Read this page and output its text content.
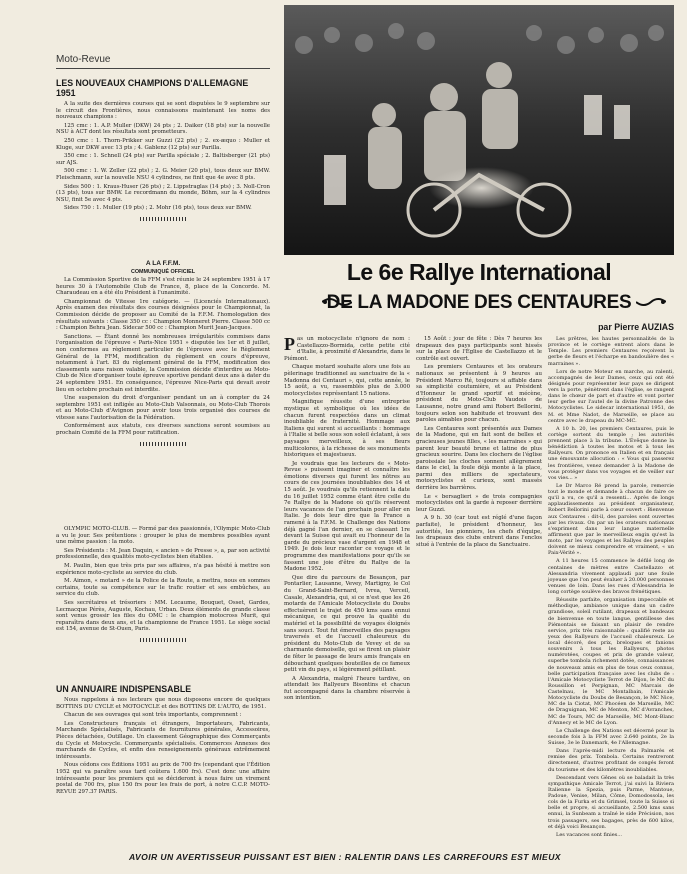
Moto-Revue
LES NOUVEAUX CHAMPIONS D'ALLEMAGNE 1951

A la suite des dernières courses qui se sont disputées le 9 septembre sur le circuit des Frontières, nous connaissons maintenant les noms des nouveaux champions :

125 cmc : 1. A.P. Muller (DKW) 24 pts ; 2. Daiker (18 pts) sur la nouvelle NSU à ACT dont les résultats sont prometteurs.

250 cmc : 1. Thorn-Prikker sur Guzzi (22 pts) ; 2. ex-æquo : Muller et Kluge, sur DKW avec 13 pts ; 4. Gablenz (12 pts) sur Parilla.

350 cmc : 1. Schnell (24 pts) sur Parilla spéciale ; 2. Baltisberger (21 pts) sur AJS.

500 cmc : 1. W. Zeller (22 pts) ; 2. G. Meier (20 pts), tous deux sur BMW. Fleischmann, sur la nouvelle NSU 4 cylindres, ne finit que 4e avec 8 pts.

Sides 500 : 1. Kraus-Huser (26 pts) ; 2. Lippstraglas (14 pts) ; 3. Noll-Cron (13 pts), tous sur BMW. Le recordmann du monde, Böhm, sur la 4 cylindres NSU, finit 5e avec 4 pts.

Sides 750 : 1. Muller (19 pts) ; 2. Mohr (16 pts), tous deux sur BMW.

A LA F.F.M.
COMMUNIQUÉ OFFICIEL

La Commission Sportive de la FFM s'est réunie le 24 septembre 1951 à 17 heures 30 à l'Automobile Club de France, 8, place de la Concorde. M. Charaudeau en a été élu Président à l'unanimité.

Championnat de Vitesse 1re catégorie. — (Licenciés Internationaux). Après examen des résultats des courses désignées pour le Championnat, la Commission décide de proposer au Comité de la F.F.M. l'homologation des résultats suivants : Classe 350 cc : Champion Monneret Pierre. Classe 500 cc : Champion Behra Jean. Sidecar 500 cc : Champion Murit Jean-Jacques.

Sanctions. — Étant donné les nombreuses irrégularités commises dans l'organisation de l'épreuve « Paris-Nice 1951 » disputée les 1er et 8 juillet, non conformes au règlement particulier de l'épreuve avec le Règlement Général de la FFM, modification du règlement en cours d'épreuve, notamment à l'art. 83 du règlement général de la FFM, modification des classements sans raison valable, la Commission décide d'interdire au Moto-Club de Nice d'organiser toute épreuve sportive pendant deux ans à dater du 24 septembre 1951. En conséquence, l'épreuve Nice-Paris qui devait avoir lieu en octobre prochain est interdite.

Une suspension du droit d'organiser pendant un an à compter du 24 septembre 1951 est infligée au Moto-Club Valsonnais, ou Moto-Club Thorois et au Moto-Club d'Avignon pour avoir tous trois organisé des courses de vitesse sans l'autorisation de la Fédération.

Conformément aux statuts, ces diverses sanctions seront soumises au prochain Comité de la FFM pour ratification.

OLYMPIC MOTO-CLUB. — Formé par des passionnés, l'Olympic Moto-Club a vu le jour. Ses prétentions : grouper le plus de membres possibles ayant une même passion : la moto.

Ses Présidents : M. Jean Daquin, « ancien » de Presse », a, par son activité professionnelle, des qualités moto-cyclistes bien établies.

M. Paulin, bien que très pris par ses affaires, n'a pas hésité à mettre son expérience moto-cycliste au service du club.

M. Aimon, « motard » de la Police de la Route, a mettra, nous en sommes certains, toute sa compétence sur le trafic routier et ses embûches, au service du club.

Ses secrétaires et trésoriers : MM. Lecaume, Bouquet, Osset, Gardes, Lecmacque Pérès, Auguste, Kochau, Urban. Deux éléments de grande classe sont venus grossir les files du OMC : le champion motocross Murit, qui reparaîtra dans deux ans, et la championne de France 1951. Le siège social est 154, avenue de St-Ouen, Paris.

UN ANNUAIRE INDISPENSABLE

Nous rappelons à nos lecteurs que nous disposons encore de quelques BOTTINS DU CYCLE et MOTOCYCLE et des BOTTINS DE L'AUTO, de 1951.

Chacun de ses ouvrages qui sont très importants, comprennent :

Les Constructeurs français et étrangers, Importateurs, Fabricants, Marchands Spécialisés, Fabricants de fournitures générales, Accessoires, Pièces détachées, Outillage. Un classement Géographique des Commerçants du Cycle et Motocycle. Commerçants spécialisés. Commerces Annexes des marchands de Cycles, et enfin des renseignements généraux extrêmement intéressants.

Nous cédons ces Éditions 1951 au prix de 700 frs (cependant que l'Édition 1952 qui va paraître sous tard coûtera 1.600 frs). C'est donc une affaire intéressante pour les premiers qui se décideront à nous faire un virement postal de 700 frs, plus 150 frs pour les frais de port, à notre C.C.P. MOTO-REVUE 297.37 PARIS.

Le 6e Rallye International
DE LA MADONE DES CENTAURES
par Pierre AUZIAS

Pas un motocycliste n'ignore de nom : Castellazzo-Bormida, cette petite cité d'Italie, à proximité d'Alexandrie, dans le Piémont.

Chaque motard souhaite alors une fois au pèlerinage traditionnel au sanctuaire de la « Madonna dei Centauri », qui, cette année, le 15 août, a vu, rassemblés plus de 3.000 motocyclistes représentant 15 nations.

Magnifique réussite d'une entreprise mystique et symbolique où les idées de chacun furent respectées dans un climat inoubliable de fraternité. Hommage aux Italiens qui surent si accueillants : hommage à l'Italie si belle sous son soleil éclatant, à ses paysages merveilleux, à ses fleurs multicolores, à la richesse de ses monuments historiques et majestueux.

Je voudrais que les lecteurs de « Moto-Revue » puissent imaginer et connaître les émotions diverses qui furent les nôtres au cours de ces journées inoubliables des 14 et 15 août. Je voudrais qu'ils retiennent la date du 16 juillet 1952 comme étant être celle du 7e Rallye de la Madone où qu'ils réservent leurs vacances de l'an prochain pour aller en Italie. Je dois leur dire que la France a ramené à la F.F.M. le Challenge des Nations déjà gagné l'an dernier, en se classant 1re devant la Suisse qui avait eu l'honneur de la garde du précieux vase d'argent en 1948 et 1949. Je dois leur raconter ce voyage et le programme des manifestations pour qu'ils se fassent une joie d'être du Rallye de la Madone 1952.

Que dire du parcours de Besançon, par Pontarlier, Lausanne, Vevey, Martigny, le Col du Grand-Saint-Bernard, Ivrea, Verceil, Casale, Alexandria, qui, si ce n'est que les 26 motards de l'Amicale Motocycliste du Doubs effectuèrent le trajet de 450 kms sans ennui mécanique, ce qui prouve la qualité du matériel et la possibilité de voyages éloignés sans souci. Tout fut émerveilles des paysages traversés et de l'accueil chaleureux du président du Moto-Club de Vevey et de sa charmante demoiselle, qui se firent un plaisir de fêter le passage de leurs amis français en débouchant quelques bouteilles de ce fameux petit vin du pays, si légèrement pétillant.

A Alexandria, malgré l'heure tardive, on attendait les Rallyeurs Bisontins et chacun fut accompagné dans la chambre réservée à son intention.

15 Août : jour de fête : Dès 7 heures les drapeaux des pays participants sont hissés sur la place de l'Église de Castellazzo et le contrôle est ouvert.

Les premiers Centaures et les orateurs nationaux se présentent à 9 heures au Président Marco Ré, toujours si affable dans sa simplicité coutumière, et au Président d'Honneur le grand sportif et mécène, président du Moto-Club Vaudois de Lausanne, notre grand ami Robert Bellorini, toujours selon son habitude et trouvant des paroles aimables pour chacun.

Les Centaures sont présentés aux Dames de la Madone, qui en fait sont de belles et gracieuses jeunes filles, « les marraines » qui parent leur beauté brune et latine de plus gracieux sourire. Dans les clochers de l'église paroissiale les cloches sonnent allègrement dans le ciel, la foule déjà monte à la place, parmi des milliers de spectateurs, motocyclistes et curieux, sont massés derrière les barrières.

Le « bersaglieri » de trois compagnies motocyclistes ont la garde à reposer derrière leur Guzzi.

A 9 h. 30 (car tout est réglé d'une façon parfaite), le président d'honneur, les autorités, les pionniers, les chefs d'équipe, les drapeaux des clubs entrent dans l'enclos situé à l'entrée de la place du Sanctuaire.

Les prêtres, les hautes personnalités de la province et le cortège entrent alors dans le Temple. Les premiers Centaures reçoivent la gerbe de fleurs et l'écharpe en bandoulière des « marraines ».

Lors de notre Moteur en marche, au ralenti, accompagnés de leur Dames, ceux qui ont été désignés pour représenter leur pays se dirigent vers la porte, pénètrent dans l'église, se rangent dans le chœur de part et d'autre et vont porter leur gerbe sur l'autel de la divine Patronne des Motocyclistes. Le sidecar international 1951, de M. et Mme Nadot, de Marseille, se place au centre avec le drapeau du MC-MC.

A 10 h. 20, les premiers Centaures, puis le cortège sortent du temple ; les autorités prennent place à la tribune. L'Évêque donne la bénédiction à toutes les motos et à tous les Rallyeurs. On prononce en Italien et en français une émouvante allocution : « Vous qui passerez les frontières, venez demander à la Madone de vous protéger dans vos voyages et de veiller sur vos vies... »

Le Dr Marco Ré prend la parole, remercie tout le monde et demande à chacun de faire ce qu'il a vu, ce qu'il a ressenti... Après de longs applaudissements au président organisateur, Robert Bellorini parle à cœur ouvert : Bienvenue aux Centaures : dit-il, des paroles sont ouvertes par les rivaux. On par un les orateurs nationaux s'expriment dans leur langue maternelle affirment que par le merveilleux engin qu'est la moto, par les voyages et les Rallyes des peuples doivent se mieux comprendre et vraiment, « un Paix-Vérité ».

A 11 heures 15 commence le défilé long de centaines de mètres entre Castellazzo et Alessandria vivement applaudi par une foule joyeuse que l'on peut évaluer à 20.000 personnes venues de loin. Dans les rues d'Alessandria le long cortège soulève des bravos frénétiques.

Réussite parfaite, organisation impeccable et méthodique, ambiance unique dans un cadre grandiose, soleil rutilant, drapeaux et bandeaux de bienvenue en toute langue, gentillesse des Piémontais se faisant un plaisir de rendre service, prix très raisonnable : qualifié reste au yeux des Rallyeurs de l'accueil chaleureux. Le local décoré, des prix, breloques et fanions souvenirs à tous les Rallyeurs, photos numérotées, coupes et prix de grande valeur, superbe tombola richement dotée, connaissances de nouveaux amis en plus de tous ceux connus, belle participation française avec les clubs de : l'Amicale Motocycliste Terrot de Dijon, le MC du Roussillon et Perpignan, MC Marcais de Castelnau, le MC Montalbain, l'Amicale Motocycliste du Doubs de Besançon, le MC Nice, MC de la Ciotat, MC Phocéen de Marseille, MC de Draguignan, MC de Menton, MC d'Avranches, MC de Tours, MC de Marseille, MC Mont-Blanc d'Annecy et le MC de Lyon.

Le Challenge des Nations est décerné pour la seconde fois à la FFM avec 2.640 points, 2e la Suisse, 3e le Danemark, 4e l'Allemagne.

Dans l'après-midi lecture du Palmarès et remise des prix. Tombola. Certains rentreront directement, d'autres profitant de congés feront du tourisme et des kilomètres inoubliables.

Descendant vers Gênes où se baladait la très sympathique Amicale Terrot, j'ai suivi la Riviera Italienne la Spezia, puis Parme, Mantoue, Padoue, Venise, Milan, Côme, Domodossola, les cols de la Furka et du Grimsel, toute la Suisse si belle et propre, si accueillante, 2.500 kms sans ennui, la Sunbeam a traîné le side Précision, nos trois passagers, ses bagages, près de 600 kilos, et déjà voici Besançon.

Les vacances sont finies...

AVOIR UN AVERTISSEUR PUISSANT EST BIEN : RALENTIR DANS LES CARREFOURS EST MIEUX
